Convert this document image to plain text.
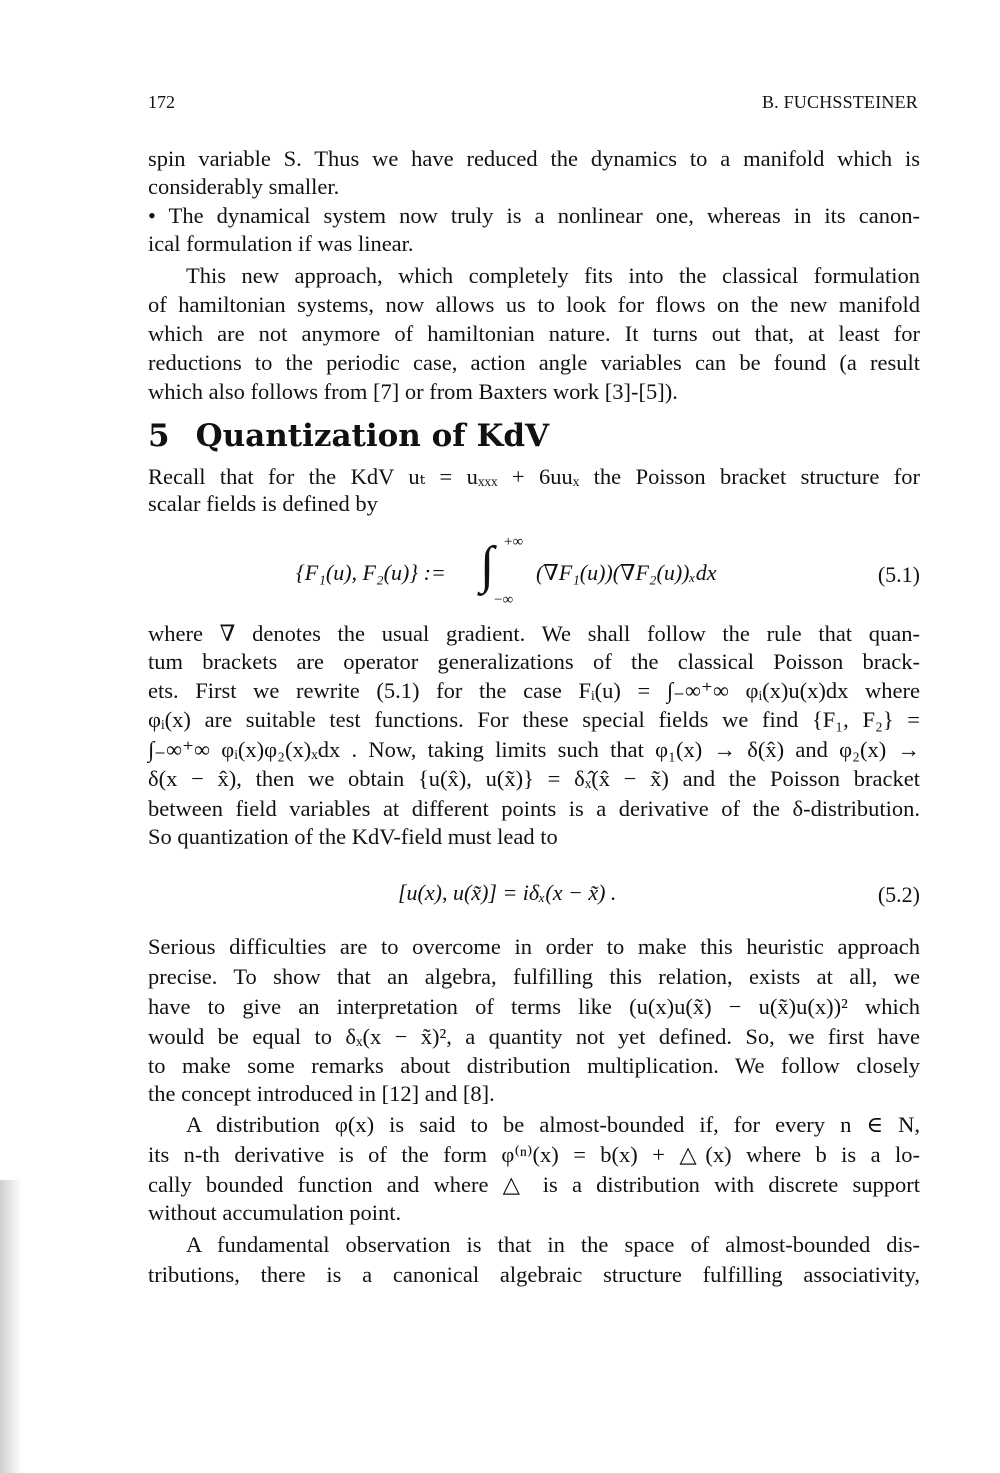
172	B. FUCHSSTEINER
spin variable S. Thus we have reduced the dynamics to a manifold which is
considerably smaller.
• The dynamical system now truly is a nonlinear one, whereas in its canon-
ical formulation if was linear.
This new approach, which completely fits into the classical formulation
of hamiltonian systems, now allows us to look for flows on the new manifold
which are not anymore of hamiltonian nature. It turns out that, at least for
reductions to the periodic case, action angle variables can be found (a result
which also follows from [7] or from Baxters work [3]-[5]).
5 Quantization of KdV
Recall that for the KdV uₜ = uₓₓₓ + 6uuₓ the Poisson bracket structure for
scalar fields is defined by
{F₁(u), F₂(u)} := ∫ +∞
−∞
(∇F₁(u))(∇F₂(u))ₓdx	(5.1)
where ∇ denotes the usual gradient. We shall follow the rule that quan-
tum brackets are operator generalizations of the classical Poisson brack-
ets. First we rewrite (5.1) for the case Fᵢ(u) = ∫₋∞⁺∞ φᵢ(x)u(x)dx where
φᵢ(x) are suitable test functions. For these special fields we find {F₁, F₂} =
∫₋∞⁺∞ φᵢ(x)φ₂(x)ₓdx . Now, taking limits such that φ₁(x) → δ(x̂) and φ₂(x) →
δ(x − x̂), then we obtain {u(x̂), u(x̃)} = δₓ̂(x̂ − x̃) and the Poisson bracket
between field variables at different points is a derivative of the δ-distribution.
So quantization of the KdV-field must lead to
[u(x), u(x̃)] = iδₓ(x − x̃) .	(5.2)
Serious difficulties are to overcome in order to make this heuristic approach
precise. To show that an algebra, fulfilling this relation, exists at all, we
have to give an interpretation of terms like (u(x)u(x̃) − u(x̃)u(x))² which
would be equal to δₓ(x − x̃)², a quantity not yet defined. So, we first have
to make some remarks about distribution multiplication. We follow closely
the concept introduced in [12] and [8].
A distribution φ(x) is said to be almost-bounded if, for every n ∈ N,
its n-th derivative is of the form φ⁽ⁿ⁾(x) = b(x) + △(x) where b is a lo-
cally bounded function and where △ is a distribution with discrete support
without accumulation point.
A fundamental observation is that in the space of almost-bounded dis-
tributions, there is a canonical algebraic structure fulfilling associativity,
